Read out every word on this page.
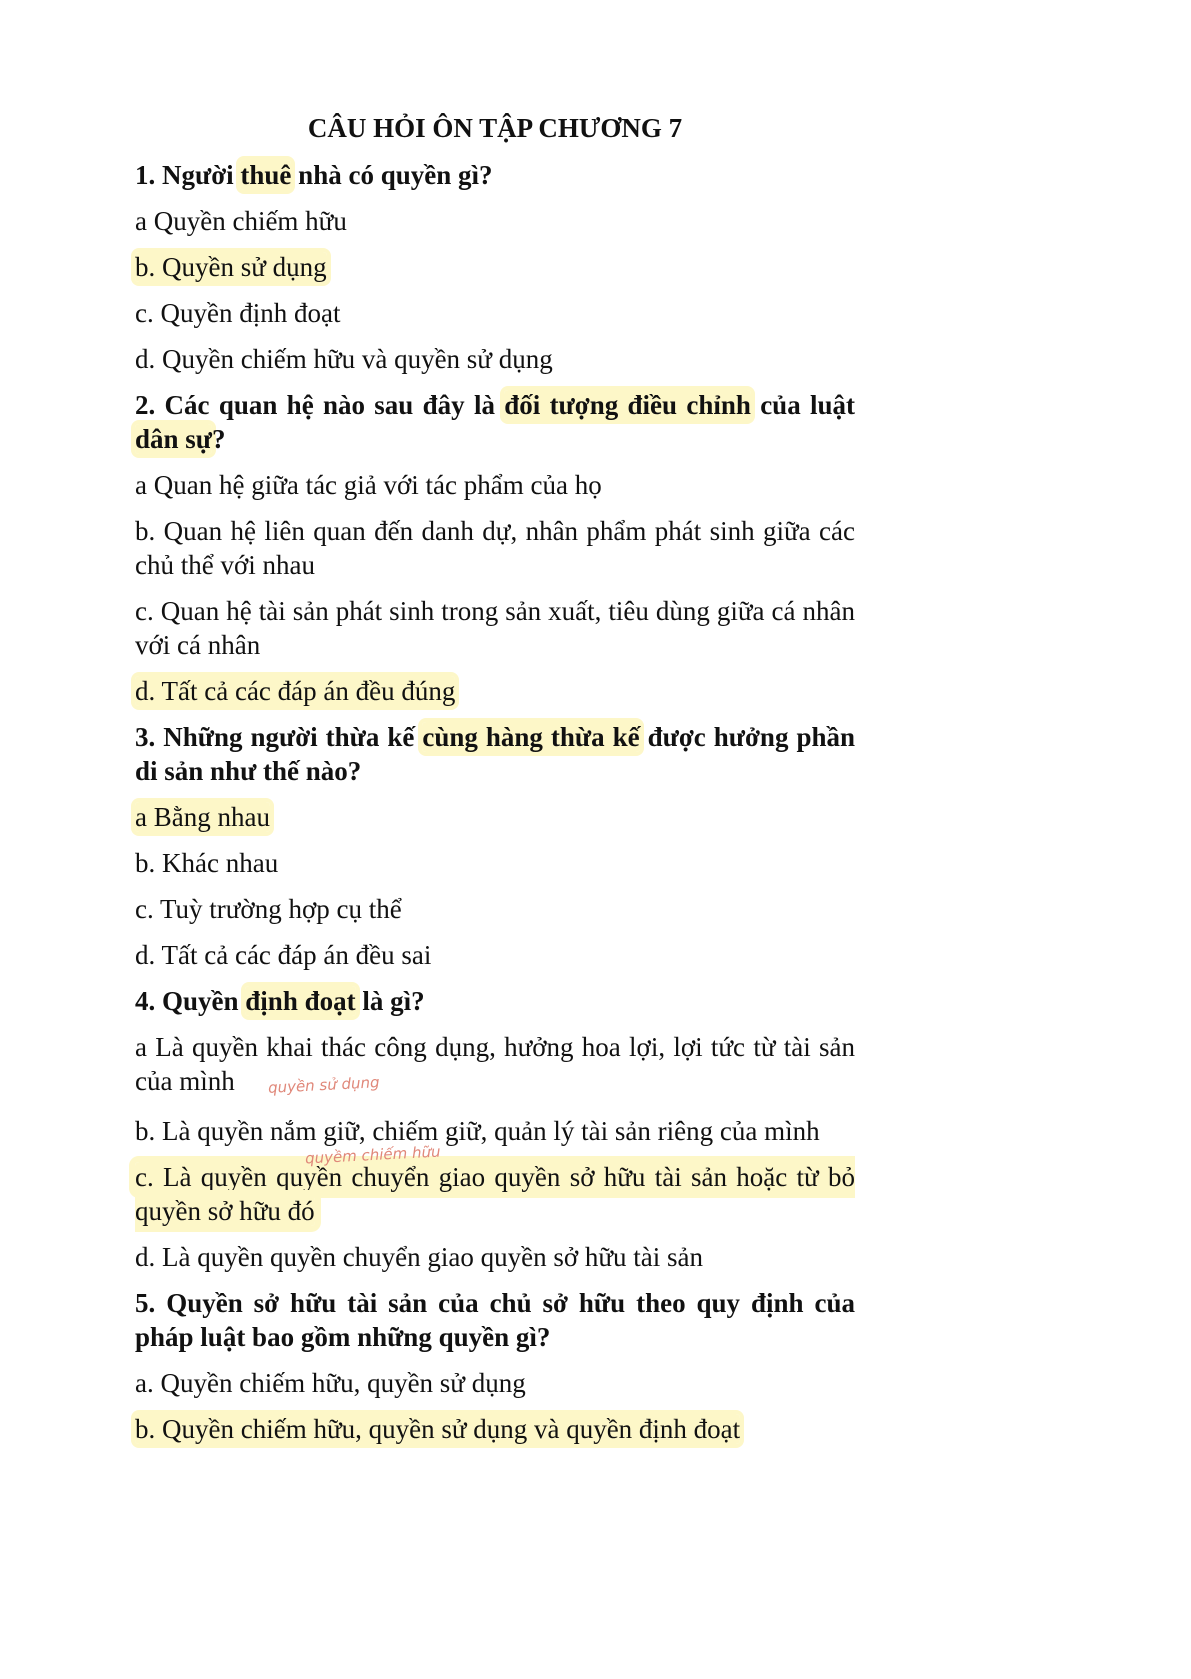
CÂU HỎI ÔN TẬP CHƯƠNG 7
1. Người thuê nhà có quyền gì?
a Quyền chiếm hữu
b. Quyền sử dụng
c. Quyền định đoạt
d. Quyền chiếm hữu và quyền sử dụng
2. Các quan hệ nào sau đây là đối tượng điều chỉnh của luật dân sự?
a Quan hệ giữa tác giả với tác phẩm của họ
b. Quan hệ liên quan đến danh dự, nhân phẩm phát sinh giữa các chủ thể với nhau
c. Quan hệ tài sản phát sinh trong sản xuất, tiêu dùng giữa cá nhân với cá nhân
d. Tất cả các đáp án đều đúng
3. Những người thừa kế cùng hàng thừa kế được hưởng phần di sản như thế nào?
a Bằng nhau
b. Khác nhau
c. Tuỳ trường hợp cụ thể
d. Tất cả các đáp án đều sai
4. Quyền định đoạt là gì?
a Là quyền khai thác công dụng, hưởng hoa lợi, lợi tức từ tài sản của mình quyền sử dụng
b. Là quyền nắm giữ, chiếm giữ, quản lý tài sản riêng của mình
quyềm chiếm hữu
c. Là quyền quyền chuyển giao quyền sở hữu tài sản hoặc từ bỏ quyền sở hữu đó
d. Là quyền quyền chuyển giao quyền sở hữu tài sản
5. Quyền sở hữu tài sản của chủ sở hữu theo quy định của pháp luật bao gồm những quyền gì?
a. Quyền chiếm hữu, quyền sử dụng
b. Quyền chiếm hữu, quyền sử dụng và quyền định đoạt
